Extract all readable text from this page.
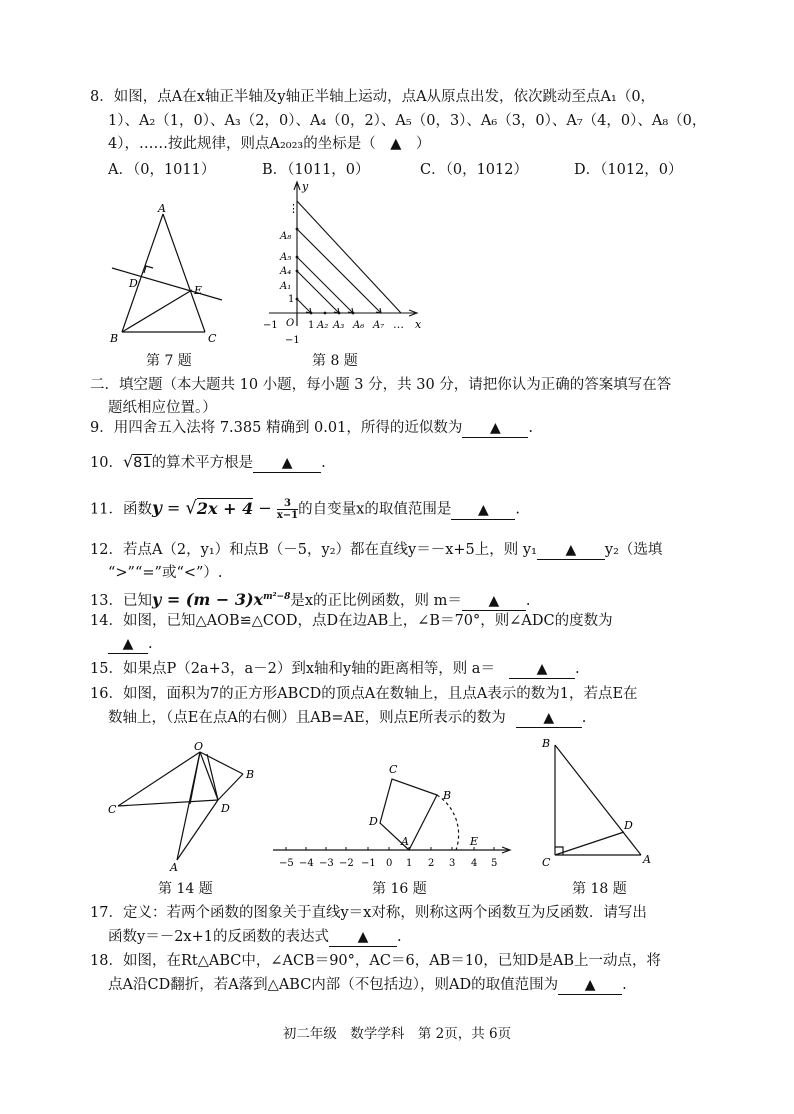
8．如图，点A在x轴正半轴及y轴正半轴上运动，点A从原点出发，依次跳动至点A₁（0，
1）、A₂（1，0）、A₃（2，0）、A₄（0，2）、A₅（0，3）、A₆（3，0）、A₇（4，0）、A₈（0，
4），……按此规律，则点A₂₀₂₃的坐标是（　▲　）
A．（0，1011）	B．（1011，0）	C．（0，1012）	D．（1012，0）
A
B	C
D
E
第 7 题
y
x
O
−1
−1
1
1
A₁
A₄
A₅
A₈
A₂ A₃ A₆ A₇ …
⋮
第 8 题
二．填空题（本大题共 10 小题，每小题 3 分，共 30 分，请把你认为正确的答案填写在答
题纸相应位置。）
9．用四舍五入法将 7.385 精确到 0.01，所得的近似数为 ▲ .
10．√81的算术平方根是 ▲ .
11．函数$y = √2x + 4 - \frac{3}{x-1}$ 的自变量x的取值范围是 ▲ .
12．若点A（2，y₁）和点B（－5，y₂）都在直线y＝－x+5上，则 y₁ ▲ y₂（选填
“>”“=”或“<”）.
13．已知$y = (m - 3)x^{m^2-8}$是x的正比例函数，则 m＝ ▲ .
14．如图，已知△AOB≌△COD，点D在边AB上，∠B＝70°，则∠ADC的度数为
▲ .
15．如果点P（2a+3，a－2）到x轴和y轴的距离相等，则 a＝	▲ .
16．如图，面积为7的正方形ABCD的顶点A在数轴上，且点A表示的数为1，若点E在
数轴上，（点E在点A的右侧）且AB=AE，则点E所表示的数为	▲ .
O
B
C	D
A
第 14 题
C
B
D
A	E
−5 −4 −3 −2 −1 0 1 2 3 4 5
第 16 题
B
D
C	A
第 18 题
17．定义：若两个函数的图象关于直线y＝x对称，则称这两个函数互为反函数．请写出
函数y＝－2x+1的反函数的表达式 ▲ .
18．如图，在Rt△ABC中，∠ACB＝90°，AC＝6，AB＝10，已知D是AB上一动点，将
点A沿CD翻折，若A落到△ABC内部（不包括边），则AD的取值范围为 ▲ .
初二年级　数学学科　第 2页，共 6页
